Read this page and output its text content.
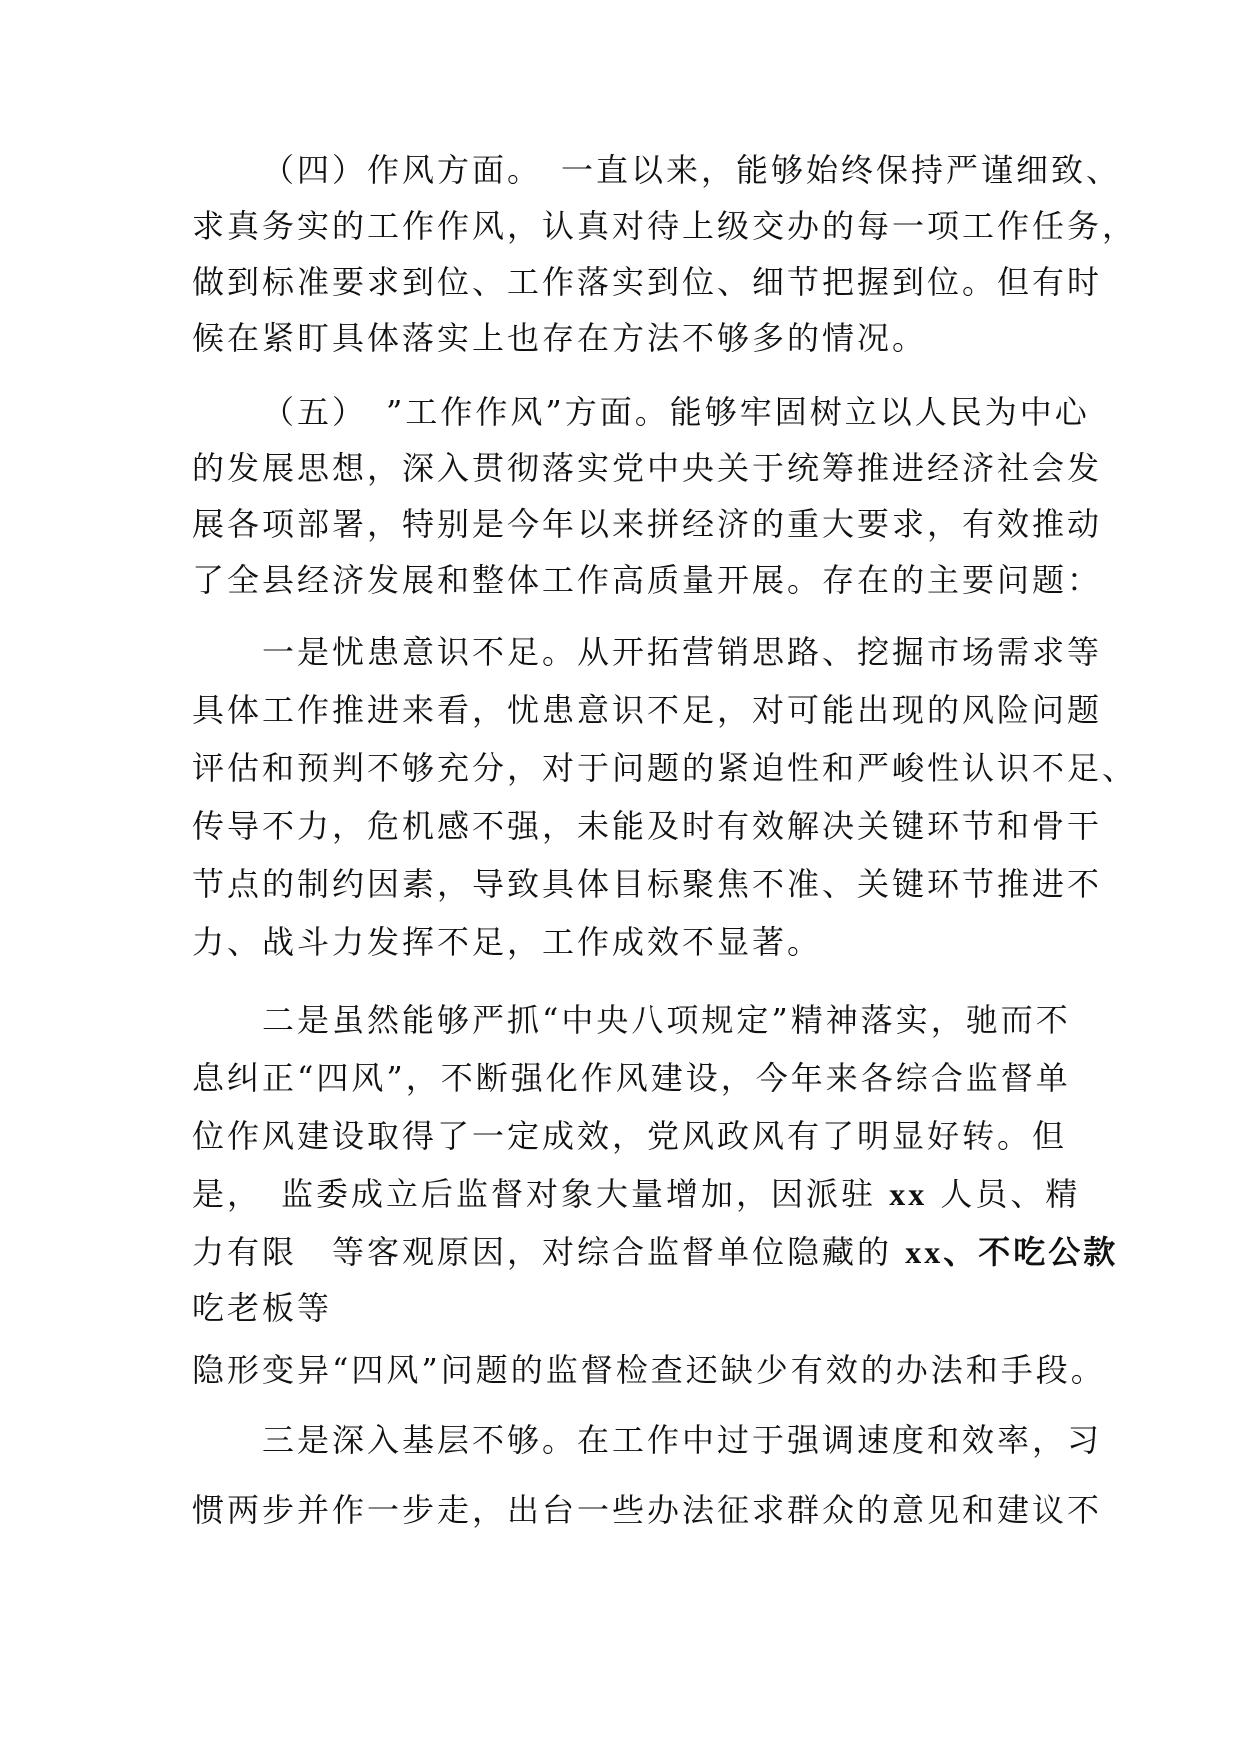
（四）作风方面。　一直以来，能够始终保持严谨细致、
求真务实的工作作风，认真对待上级交办的每一项工作任务，
做到标准要求到位、工作落实到位、细节把握到位。但有时
候在紧盯具体落实上也存在方法不够多的情况。
（五）　”工作作风”方面。能够牢固树立以人民为中心
的发展思想，深入贯彻落实党中央关于统筹推进经济社会发
展各项部署，特别是今年以来拼经济的重大要求，有效推动
了全县经济发展和整体工作高质量开展。存在的主要问题：
一是忧患意识不足。从开拓营销思路、挖掘市场需求等
具体工作推进来看，忧患意识不足，对可能出现的风险问题
评估和预判不够充分，对于问题的紧迫性和严峻性认识不足、
传导不力，危机感不强，未能及时有效解决关键环节和骨干
节点的制约因素，导致具体目标聚焦不准、关键环节推进不
力、战斗力发挥不足，工作成效不显著。
二是虽然能够严抓“中央八项规定”精神落实，驰而不
息纠正“四风”，不断强化作风建设，今年来各综合监督单
位作风建设取得了一定成效，党风政风有了明显好转。但
是，　监委成立后监督对象大量增加，因派驻 xx 人员、精
力有限　等客观原因，对综合监督单位隐藏的 xx、不吃公款
吃老板等
隐形变异“四风”问题的监督检查还缺少有效的办法和手段。
三是深入基层不够。在工作中过于强调速度和效率，习
惯两步并作一步走，出台一些办法征求群众的意见和建议不
